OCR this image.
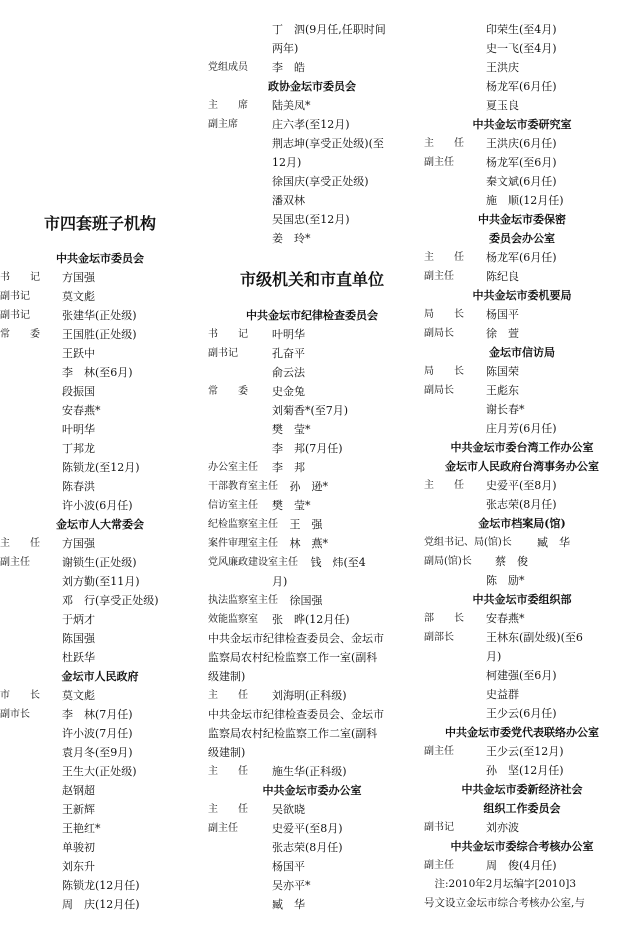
市四套班子机构
中共金坛市委员会
书　　记 方国强
副书记	莫文彪
副书记	张建华(正处级)
常　　委 王国胜(正处级)
王跃中
李　林(至6月)
段振国
安春燕*
叶明华
丁邦龙
陈锁龙(至12月)
陈春洪
许小波(6月任)
金坛市人大常委会
主　　任 方国强
副主任	谢锁生(正处级)
刘方勤(至11月)
邓　行(享受正处级)
于炳才
陈国强
杜跃华
金坛市人民政府
市　　长 莫文彪
副市长	李　林(7月任)
许小波(7月任)
袁月冬(至9月)
王生大(正处级)
赵钢超
王新辉
王艳红*
单骏初
刘东升
陈锁龙(12月任)
周　庆(12月任)
丁　泗(9月任,任职时间
两年)
党组成员 李　皓
政协金坛市委员会
主　　席 陆美凤*
副主席	庄六孝(至12月)
荆志坤(享受正处级)(至
12月)
徐国庆(享受正处级)
潘双林
吴国忠(至12月)
姜　玲*
市级机关和市直单位
中共金坛市纪律检查委员会
书　　记 叶明华
副书记	孔奋平
俞云法
常　　委 史金兔
刘菊香*(至7月)
樊　莹*
李　邦(7月任)
办公室主任 李　邦
干部教育室主任 孙　逊*
信访室主任 樊　莹*
纪检监察室主任 王　强
案件审理室主任 林　燕*
党风廉政建设室主任 钱　炜(至4
月)
执法监察室主任 徐国强
效能监察室 张　晔(12月任)
中共金坛市纪律检查委员会、金坛市
监察局农村纪检监察工作一室(副科
级建制)
主　　任 刘海明(正科级)
中共金坛市纪律检查委员会、金坛市
监察局农村纪检监察工作二室(副科
级建制)
主　　任 施生华(正科级)
中共金坛市委办公室
主　　任 吴欲晓
副主任	史爱平(至8月)
张志荣(8月任)
杨国平
吴亦平*
臧　华
印荣生(至4月)
史一飞(至4月)
王洪庆
杨龙军(6月任)
夏玉良
中共金坛市委研究室
主　　任 王洪庆(6月任)
副主任	杨龙军(至6月)
秦文斌(6月任)
施　顺(12月任)
中共金坛市委保密
委员会办公室
主　　任 杨龙军(6月任)
副主任	陈纪良
中共金坛市委机要局
局　　长 杨国平
副局长	徐　萱
金坛市信访局
局　　长 陈国荣
副局长	王彪东
谢长春*
庄月芳(6月任)
中共金坛市委台湾工作办公室
金坛市人民政府台湾事务办公室
主　　任 史爱平(至8月)
张志荣(8月任)
金坛市档案局(馆)
党组书记、局(馆)长 臧　华
副局(馆)长 蔡　俊
陈　励*
中共金坛市委组织部
部　　长 安春燕*
副部长	王林东(副处级)(至6
月)
柯建强(至6月)
史益群
王少云(6月任)
中共金坛市委党代表联络办公室
副主任	王少云(至12月)
孙　坚(12月任)
中共金坛市委新经济社会
组织工作委员会
副书记	刘亦波
中共金坛市委综合考核办公室
副主任	周　俊(4月任)
　注:2010年2月坛编字[2010]3
号文设立金坛市综合考核办公室,与
